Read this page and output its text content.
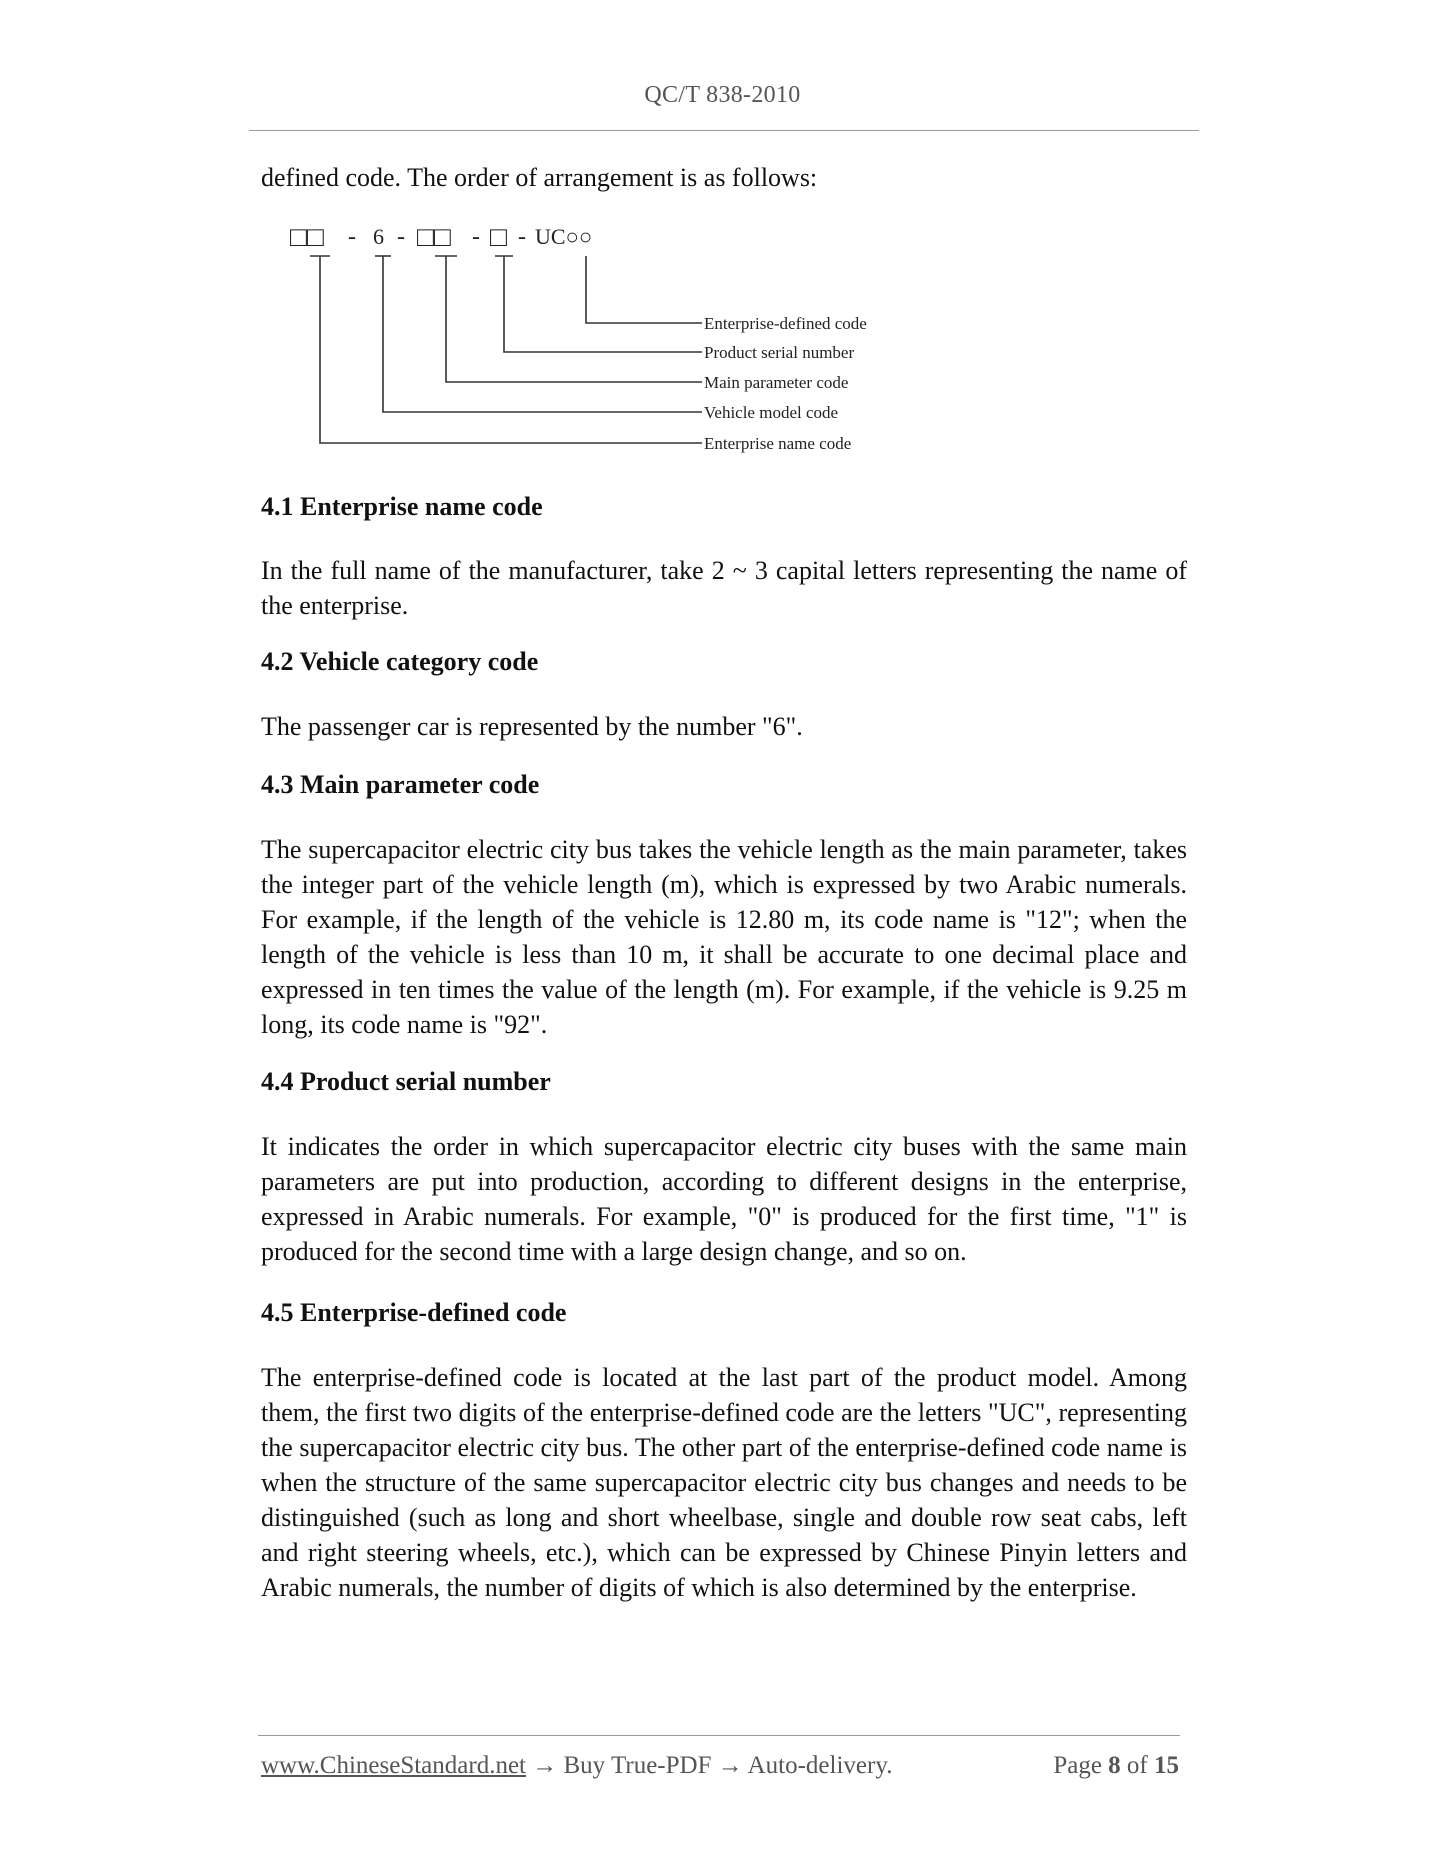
QC/T 838-2010

defined code. The order of arrangement is as follows:

□□ - 6 - □□ - □ - UC○○
Enterprise-defined code
Product serial number
Main parameter code
Vehicle model code
Enterprise name code
4.1 Enterprise name code

In the full name of the manufacturer, take 2 ~ 3 capital letters representing the name of the enterprise.

4.2 Vehicle category code

The passenger car is represented by the number "6".

4.3 Main parameter code

The supercapacitor electric city bus takes the vehicle length as the main parameter, takes the integer part of the vehicle length (m), which is expressed by two Arabic numerals. For example, if the length of the vehicle is 12.80 m, its code name is "12"; when the length of the vehicle is less than 10 m, it shall be accurate to one decimal place and expressed in ten times the value of the length (m). For example, if the vehicle is 9.25 m long, its code name is "92".

4.4 Product serial number

It indicates the order in which supercapacitor electric city buses with the same main parameters are put into production, according to different designs in the enterprise, expressed in Arabic numerals. For example, "0" is produced for the first time, "1" is produced for the second time with a large design change, and so on.

4.5 Enterprise-defined code

The enterprise-defined code is located at the last part of the product model. Among them, the first two digits of the enterprise-defined code are the letters "UC", representing the supercapacitor electric city bus. The other part of the enterprise-defined code name is when the structure of the same supercapacitor electric city bus changes and needs to be distinguished (such as long and short wheelbase, single and double row seat cabs, left and right steering wheels, etc.), which can be expressed by Chinese Pinyin letters and Arabic numerals, the number of digits of which is also determined by the enterprise.

www.ChineseStandard.net → Buy True-PDF → Auto-delivery.	Page 8 of 15
